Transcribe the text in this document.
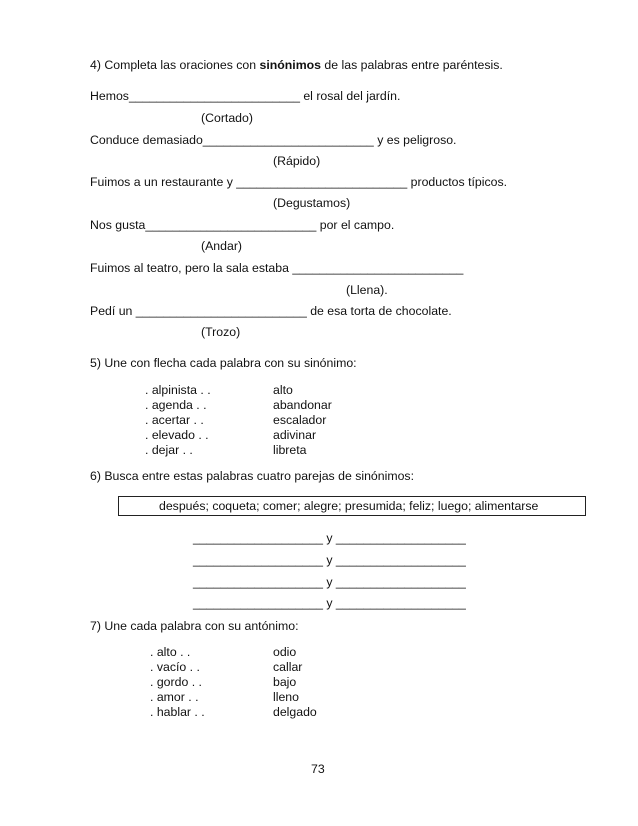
4) Completa las oraciones con sinónimos de las palabras entre paréntesis.
Hemos_________________________ el rosal del jardín.
(Cortado)
Conduce demasiado_________________________ y es peligroso.
(Rápido)
Fuimos a un restaurante y _________________________ productos típicos.
(Degustamos)
Nos gusta_________________________ por el campo.
(Andar)
Fuimos al teatro, pero la sala estaba _________________________
(Llena).
Pedí un _________________________ de esa torta de chocolate.
(Trozo)
5) Une con flecha cada palabra con su sinónimo:
. alpinista . .
. agenda . .
. acertar . .
. elevado . .
. dejar . .
alto
abandonar
escalador
adivinar
libreta
6) Busca entre estas palabras cuatro parejas de sinónimos:
después; coqueta; comer; alegre; presumida; feliz; luego; alimentarse
___________________ y ___________________
___________________ y ___________________
___________________ y ___________________
___________________ y ___________________
7) Une cada palabra con su antónimo:
. alto . .
. vacío . .
. gordo . .
. amor . .
. hablar . .
odio
callar
bajo
lleno
delgado
73
